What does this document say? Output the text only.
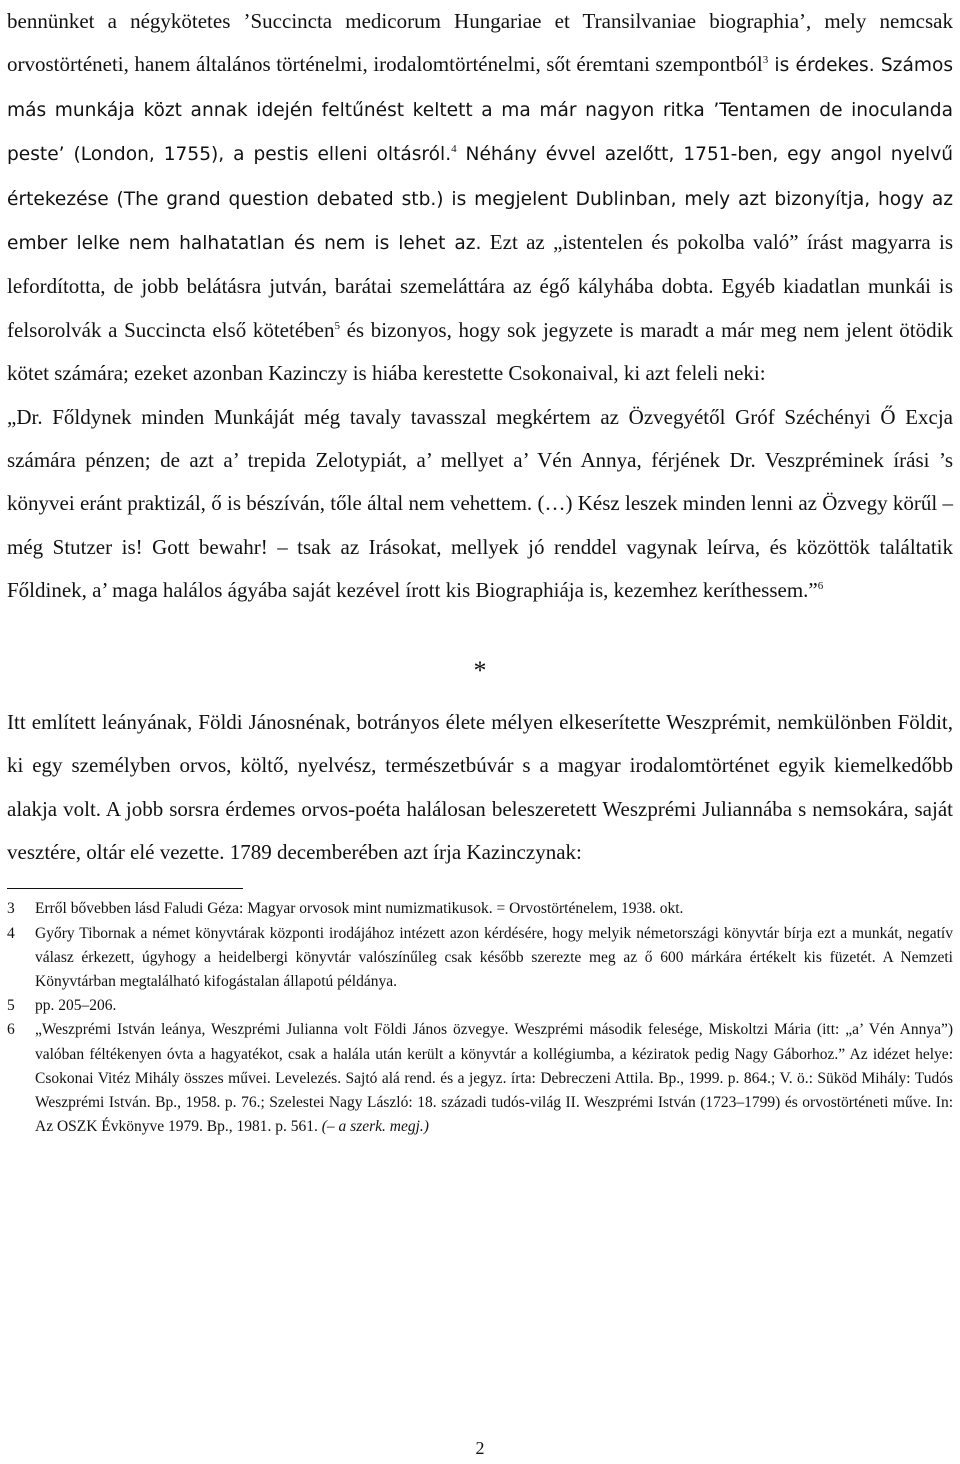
bennünket a négykötetes ’Succincta medicorum Hungariae et Transilvaniae biographia’, mely nemcsak orvostörténeti, hanem általános történelmi, irodalomtörténelmi, sőt éremtani szempontból$^3$ is érdekes. Számos más munkája közt annak idején feltűnést keltett a ma már nagyon ritka ’Tentamen de inoculanda peste’ (London, 1755), a pestis elleni oltásról.$^4$ Néhány évvel azelőtt, 1751-ben, egy angol nyelvű értekezése (The grand question debated stb.) is megjelent Dublinban, mely azt bizonyítja, hogy az ember lelke nem halhatatlan és nem is lehet az. Ezt az „istentelen és pokolba való” írást magyarra is lefordította, de jobb belátásra jutván, barátai szemeláttára az égő kályhába dobta. Egyéb kiadatlan munkái is felsorolvák a Succincta első kötetében$^5$ és bizonyos, hogy sok jegyzete is maradt a már meg nem jelent ötödik kötet számára; ezeket azonban Kazinczy is hiába kerestette Csokonaival, ki azt feleli neki:

„Dr. Főldynek minden Munkáját még tavaly tavasszal megkértem az Özvegyétől Gróf Széchényi Ő Excja számára pénzen; de azt a’ trepida Zelotypiát, a’ mellyet a’ Vén Annya, férjének Dr. Veszpréminek írási ’s könyvei eránt praktizál, ő is bészíván, tőle által nem vehettem. (…) Kész leszek minden lenni az Özvegy körűl – még Stutzer is! Gott bewahr! – tsak az Irásokat, mellyek jó renddel vagynak leírva, és közöttök találtatik Főldinek, a’ maga halálos ágyába saját kezével írott kis Biographiája is, kezemhez keríthessem.”$^6$

*

Itt említett leányának, Földi Jánosnénak, botrányos élete mélyen elkeserítette Weszprémit, nemkülönben Földit, ki egy személyben orvos, költő, nyelvész, természetbúvár s a magyar irodalomtörténet egyik kiemelkedőbb alakja volt. A jobb sorsra érdemes orvos-poéta halálosan beleszeretett Weszprémi Juliannába s nemsokára, saját vesztére, oltár elé vezette. 1789 decemberében azt írja Kazinczynak:

3	Erről bővebben lásd Faludi Géza: Magyar orvosok mint numizmatikusok. = Orvostörténelem, 1938. okt.
4	Győry Tibornak a német könyvtárak központi irodájához intézett azon kérdésére, hogy melyik németországi könyvtár bírja ezt a munkát, negatív válasz érkezett, úgyhogy a heidelbergi könyvtár valószínűleg csak később szerezte meg az ő 600 márkára értékelt kis füzetét. A Nemzeti Könyvtárban megtalálható kifogástalan állapotú példánya.
5	pp. 205–206.
6	„Weszprémi István leánya, Weszprémi Julianna volt Földi János özvegye. Weszprémi második felesége, Miskoltzi Mária (itt: „a’ Vén Annya”) valóban féltékenyen óvta a hagyatékot, csak a halála után került a könyvtár a kollégiumba, a kéziratok pedig Nagy Gáborhoz.” Az idézet helye: Csokonai Vitéz Mihály összes művei. Levelezés. Sajtó alá rend. és a jegyz. írta: Debreczeni Attila. Bp., 1999. p. 864.; V. ö.: Süköd Mihály: Tudós Weszprémi István. Bp., 1958. p. 76.; Szelestei Nagy László: 18. századi tudós-világ II. Weszprémi István (1723–1799) és orvostörténeti műve. In: Az OSZK Évkönyve 1979. Bp., 1981. p. 561. (– a szerk. megj.)
2
